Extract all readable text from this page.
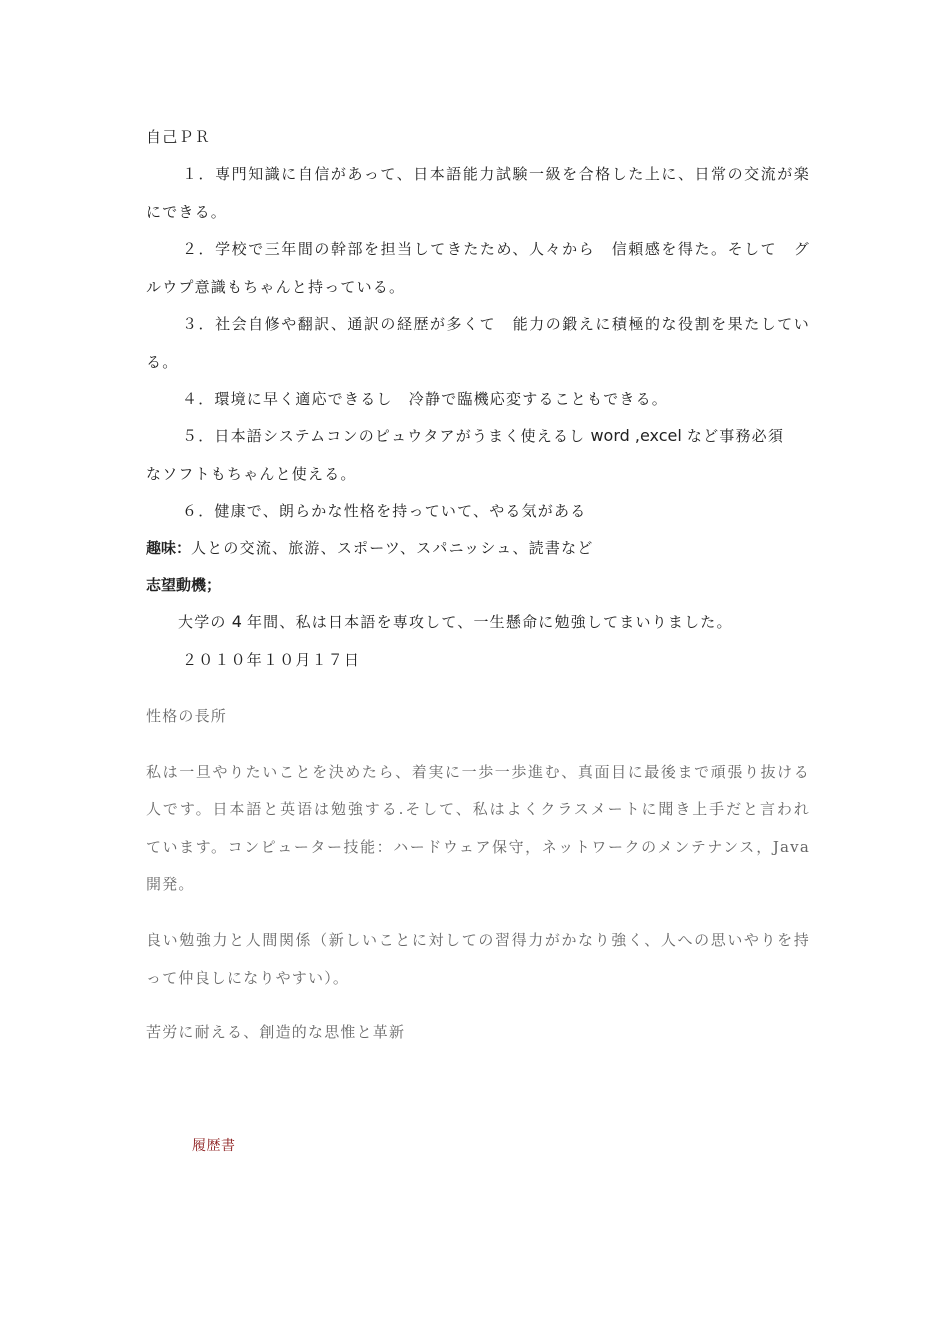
自己ＰＲ
１．専門知識に自信があって、日本語能力試験一級を合格した上に、日常の交流が楽
にできる。
２．学校で三年間の幹部を担当してきたため、人々から　信頼感を得た。そして　グ
ルウプ意識もちゃんと持っている。
３．社会自修や翻訳、通訳の経歴が多くて　能力の鍛えに積極的な役割を果たしてい
る。
４．環境に早く適応できるし　冷静で臨機応変することもできる。
５．日本語システムコンのピュウタアがうまく使えるし word ,excel など事務必須
なソフトもちゃんと使える。
６．健康で、朗らかな性格を持っていて、やる気がある
趣味：人との交流、旅游、スポーツ、スパニッシュ、読書など
志望動機；
大学の 4 年間、私は日本語を専攻して、一生懸命に勉強してまいりました。
２０１０年１０月１７日
性格の長所
私は一旦やりたいことを決めたら、着実に一歩一歩進む、真面目に最後まで頑張り抜ける
人です。日本語と英语は勉強する.そして、私はよくクラスメートに聞き上手だと言われ
ています。コンピューター技能：ハードウェア保守，ネットワークのメンテナンス，Java
開発。
良い勉強力と人間関係（新しいことに対しての習得力がかなり強く、人への思いやりを持
って仲良しになりやすい）。
苦労に耐える、創造的な思惟と革新
履歴書
